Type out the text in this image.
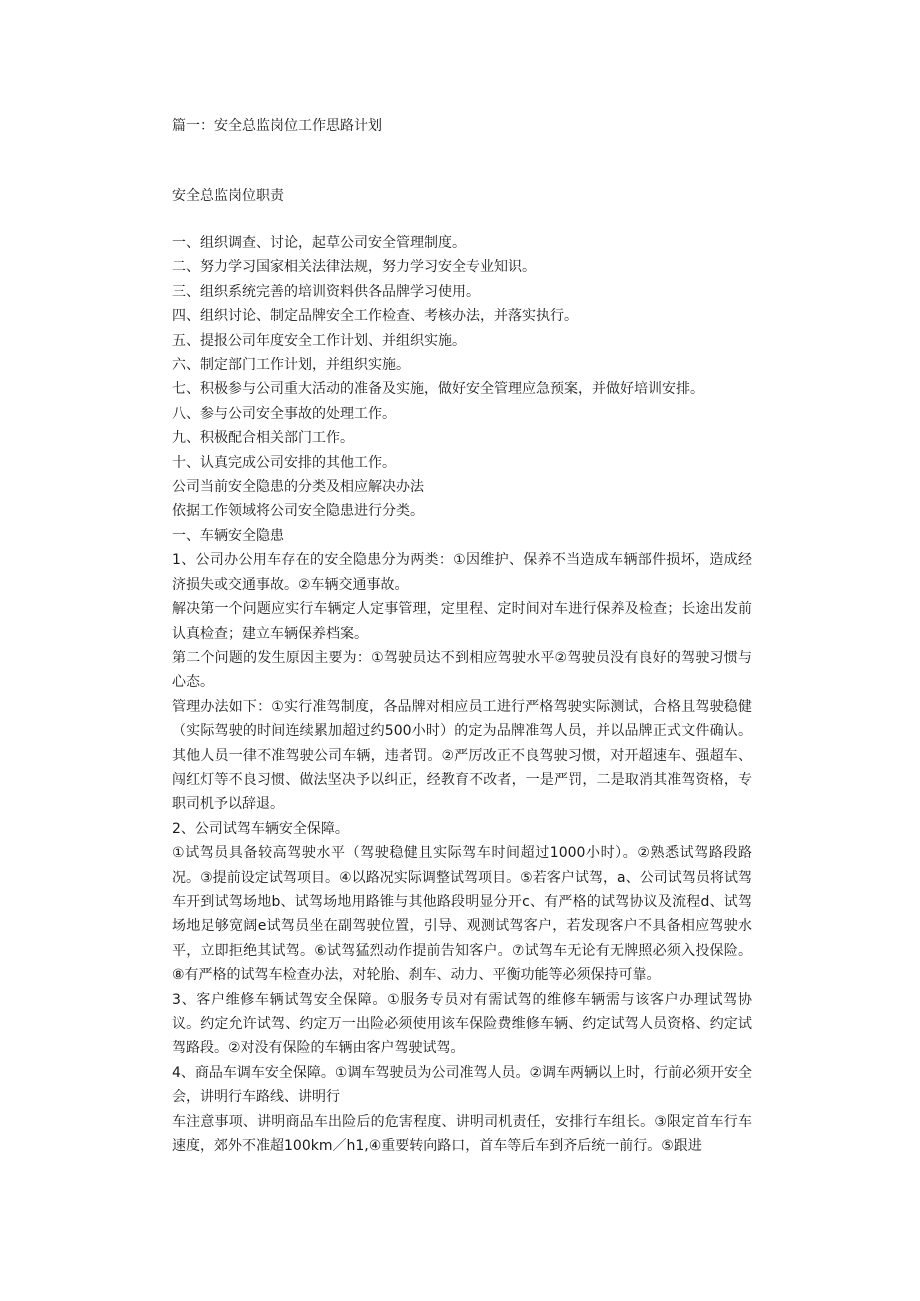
篇一：安全总监岗位工作思路计划
安全总监岗位职责

一、组织调查、讨论，起草公司安全管理制度。

二、努力学习国家相关法律法规，努力学习安全专业知识。

三、组织系统完善的培训资料供各品牌学习使用。

四、组织讨论、制定品牌安全工作检查、考核办法，并落实执行。

五、提报公司年度安全工作计划、并组织实施。

六、制定部门工作计划，并组织实施。

七、积极参与公司重大活动的准备及实施，做好安全管理应急预案，并做好培训安排。

八、参与公司安全事故的处理工作。

九、积极配合相关部门工作。

十、认真完成公司安排的其他工作。

公司当前安全隐患的分类及相应解决办法

依据工作领域将公司安全隐患进行分类。

一、车辆安全隐患

1、公司办公用车存在的安全隐患分为两类：①因维护、保养不当造成车辆部件损坏，造成经济损失或交通事故。②车辆交通事故。

解决第一个问题应实行车辆定人定事管理，定里程、定时间对车进行保养及检查；长途出发前认真检查；建立车辆保养档案。

第二个问题的发生原因主要为：①驾驶员达不到相应驾驶水平②驾驶员没有良好的驾驶习惯与心态。

管理办法如下：①实行准驾制度，各品牌对相应员工进行严格驾驶实际测试，合格且驾驶稳健（实际驾驶的时间连续累加超过约500小时）的定为品牌准驾人员，并以品牌正式文件确认。其他人员一律不准驾驶公司车辆，违者罚。②严厉改正不良驾驶习惯，对开超速车、强超车、闯红灯等不良习惯、做法坚决予以纠正，经教育不改者，一是严罚，二是取消其准驾资格，专职司机予以辞退。

2、公司试驾车辆安全保障。

①试驾员具备较高驾驶水平（驾驶稳健且实际驾车时间超过1000小时）。②熟悉试驾路段路况。③提前设定试驾项目。④以路况实际调整试驾项目。⑤若客户试驾，a、公司试驾员将试驾车开到试驾场地b、试驾场地用路锥与其他路段明显分开c、有严格的试驾协议及流程d、试驾场地足够宽阔e试驾员坐在副驾驶位置，引导、观测试驾客户，若发现客户不具备相应驾驶水平，立即拒绝其试驾。⑥试驾猛烈动作提前告知客户。⑦试驾车无论有无牌照必须入投保险。⑧有严格的试驾车检查办法，对轮胎、刹车、动力、平衡功能等必须保持可靠。

3、客户维修车辆试驾安全保障。①服务专员对有需试驾的维修车辆需与该客户办理试驾协议。约定允许试驾、约定万一出险必须使用该车保险费维修车辆、约定试驾人员资格、约定试驾路段。②对没有保险的车辆由客户驾驶试驾。

4、商品车调车安全保障。①调车驾驶员为公司准驾人员。②调车两辆以上时，行前必须开安全会，讲明行车路线、讲明行

车注意事项、讲明商品车出险后的危害程度、讲明司机责任，安排行车组长。③限定首车行车速度，郊外不准超100km／h1,④重要转向路口，首车等后车到齐后统一前行。⑤跟进
